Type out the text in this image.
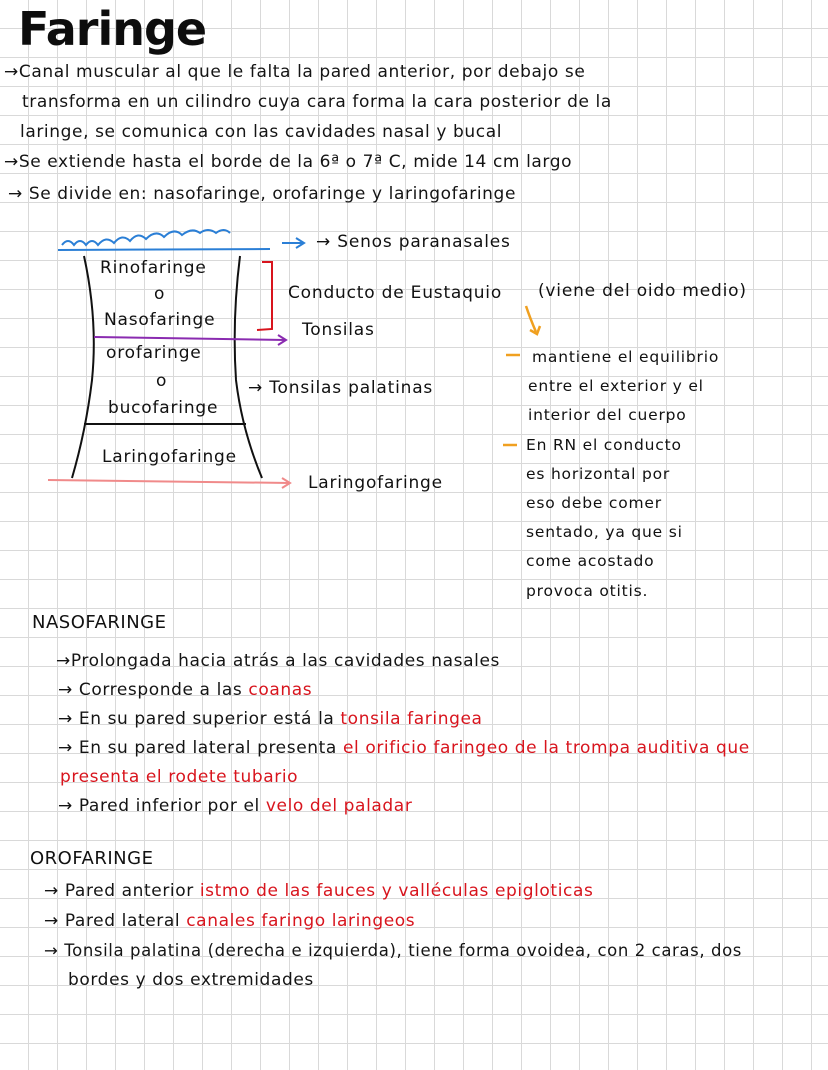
Faringe
→Canal muscular al que le falta la pared anterior, por debajo se
transforma en un cilindro cuya cara forma la cara posterior de la
laringe, se comunica con las cavidades nasal y bucal
→Se extiende hasta el borde de la 6ª o 7ª C, mide 14 cm largo
→ Se divide en: nasofaringe, orofaringe y laringofaringe
→ Senos paranasales
Rinofaringe
o
Nasofaringe
orofaringe
o
bucofaringe
Laringofaringe
Conducto de Eustaquio (viene del oido medio)
Tonsilas
→ Tonsilas palatinas
Laringofaringe
mantiene el equilibrio
entre el exterior y el
interior del cuerpo
En RN el conducto
es horizontal por
eso debe comer
sentado, ya que si
come acostado
provoca otitis.
NASOFARINGE
→Prolongada hacia atrás a las cavidades nasales
→ Corresponde a las coanas
→ En su pared superior está la tonsila faringea
→ En su pared lateral presenta el orificio faringeo de la trompa auditiva que
presenta el rodete tubario
→ Pared inferior por el velo del paladar
OROFARINGE
→ Pared anterior istmo de las fauces y valléculas epigloticas
→ Pared lateral canales faringo laringeos
→ Tonsila palatina (derecha e izquierda), tiene forma ovoidea, con 2 caras, dos
bordes y dos extremidades
